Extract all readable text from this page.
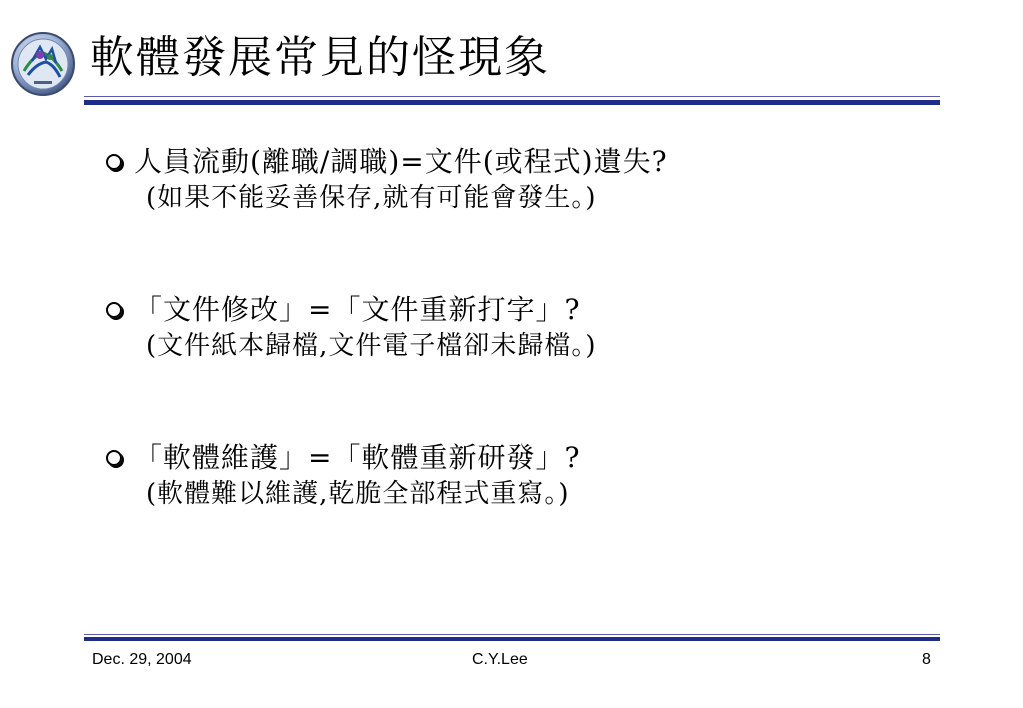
軟體發展常見的怪現象
人員流動(離職/調職)=文件(或程式)遺失?
(如果不能妥善保存,就有可能會發生。)
「文件修改」=「文件重新打字」?
(文件紙本歸檔,文件電子檔卻未歸檔。)
「軟體維護」=「軟體重新研發」?
(軟體難以維護,乾脆全部程式重寫。)
Dec. 29, 2004	C.Y.Lee	8
